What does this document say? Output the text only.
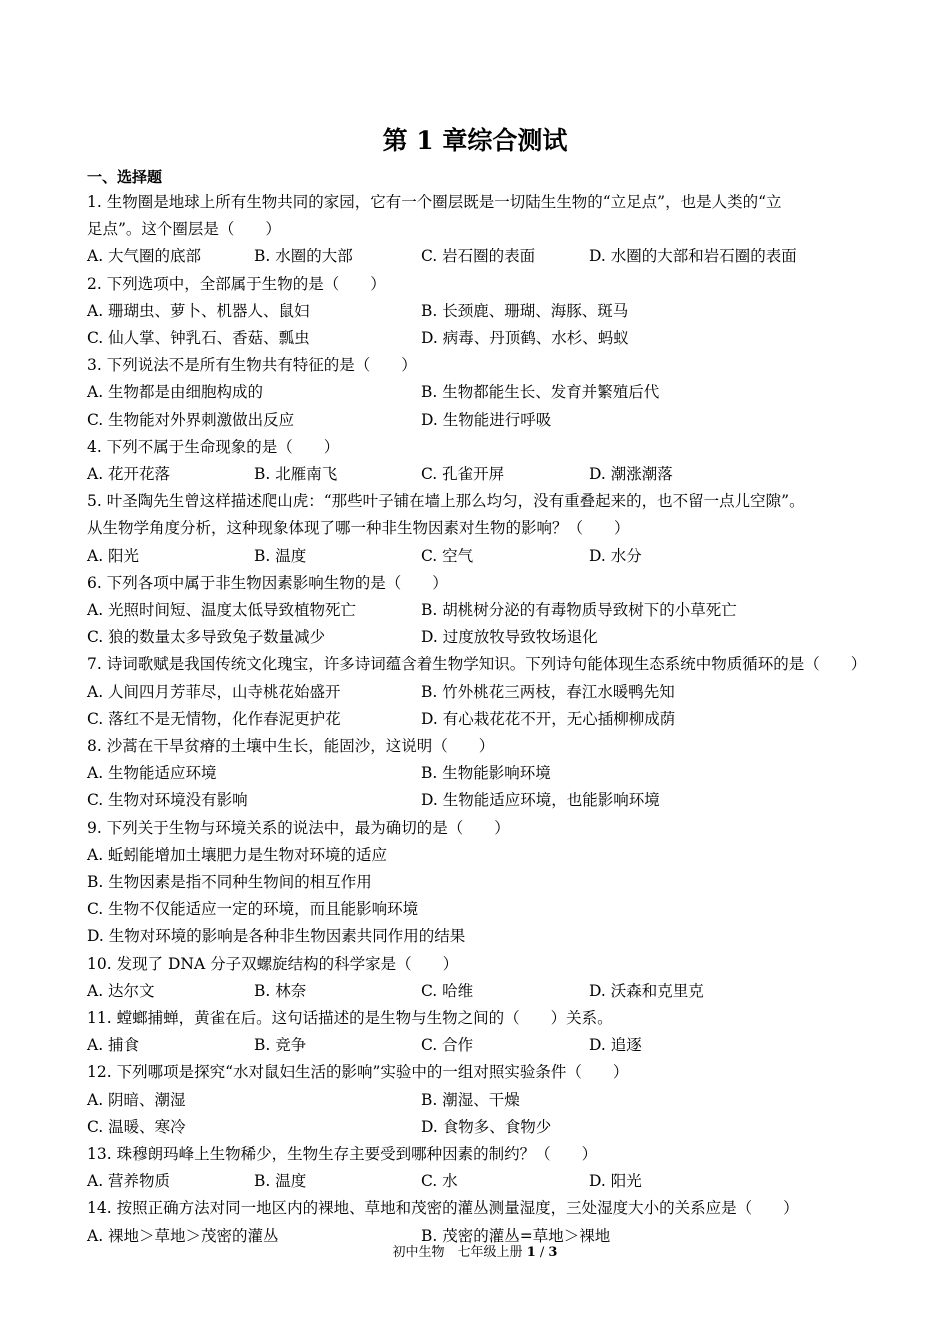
第 1 章综合测试
一、选择题
1. 生物圈是地球上所有生物共同的家园，它有一个圈层既是一切陆生生物的“立足点”，也是人类的“立
足点”。这个圈层是（　　）
A. 大气圈的底部	B. 水圈的大部	C. 岩石圈的表面	D. 水圈的大部和岩石圈的表面
2. 下列选项中，全部属于生物的是（　　）
A. 珊瑚虫、萝卜、机器人、鼠妇	B. 长颈鹿、珊瑚、海豚、斑马
C. 仙人掌、钟乳石、香菇、瓢虫	D. 病毒、丹顶鹤、水杉、蚂蚁
3. 下列说法不是所有生物共有特征的是（　　）
A. 生物都是由细胞构成的	B. 生物都能生长、发育并繁殖后代
C. 生物能对外界刺激做出反应	D. 生物能进行呼吸
4. 下列不属于生命现象的是（　　）
A. 花开花落	B. 北雁南飞	C. 孔雀开屏	D. 潮涨潮落
5. 叶圣陶先生曾这样描述爬山虎：“那些叶子铺在墙上那么均匀，没有重叠起来的，也不留一点儿空隙”。
从生物学角度分析，这种现象体现了哪一种非生物因素对生物的影响？（　　）
A. 阳光	B. 温度	C. 空气	D. 水分
6. 下列各项中属于非生物因素影响生物的是（　　）
A. 光照时间短、温度太低导致植物死亡	B. 胡桃树分泌的有毒物质导致树下的小草死亡
C. 狼的数量太多导致兔子数量减少	D. 过度放牧导致牧场退化
7. 诗词歌赋是我国传统文化瑰宝，许多诗词蕴含着生物学知识。下列诗句能体现生态系统中物质循环的是（　　）
A. 人间四月芳菲尽，山寺桃花始盛开	B. 竹外桃花三两枝，春江水暖鸭先知
C. 落红不是无情物，化作春泥更护花	D. 有心栽花花不开，无心插柳柳成荫
8. 沙蒿在干旱贫瘠的土壤中生长，能固沙，这说明（　　）
A. 生物能适应环境	B. 生物能影响环境
C. 生物对环境没有影响	D. 生物能适应环境，也能影响环境
9. 下列关于生物与环境关系的说法中，最为确切的是（　　）
A. 蚯蚓能增加土壤肥力是生物对环境的适应
B. 生物因素是指不同种生物间的相互作用
C. 生物不仅能适应一定的环境，而且能影响环境
D. 生物对环境的影响是各种非生物因素共同作用的结果
10. 发现了 DNA 分子双螺旋结构的科学家是（　　）
A. 达尔文	B. 林奈	C. 哈维	D. 沃森和克里克
11. 螳螂捕蝉，黄雀在后。这句话描述的是生物与生物之间的（　　）关系。
A. 捕食	B. 竞争	C. 合作	D. 追逐
12. 下列哪项是探究“水对鼠妇生活的影响”实验中的一组对照实验条件（　　）
A. 阴暗、潮湿	B. 潮湿、干燥
C. 温暖、寒冷	D. 食物多、食物少
13. 珠穆朗玛峰上生物稀少，生物生存主要受到哪种因素的制约？（　　）
A. 营养物质	B. 温度	C. 水	D. 阳光
14. 按照正确方法对同一地区内的裸地、草地和茂密的灌丛测量湿度，三处湿度大小的关系应是（　　）
A. 裸地＞草地＞茂密的灌丛	B. 茂密的灌丛=草地＞裸地
初中生物　七年级上册 1 / 3
